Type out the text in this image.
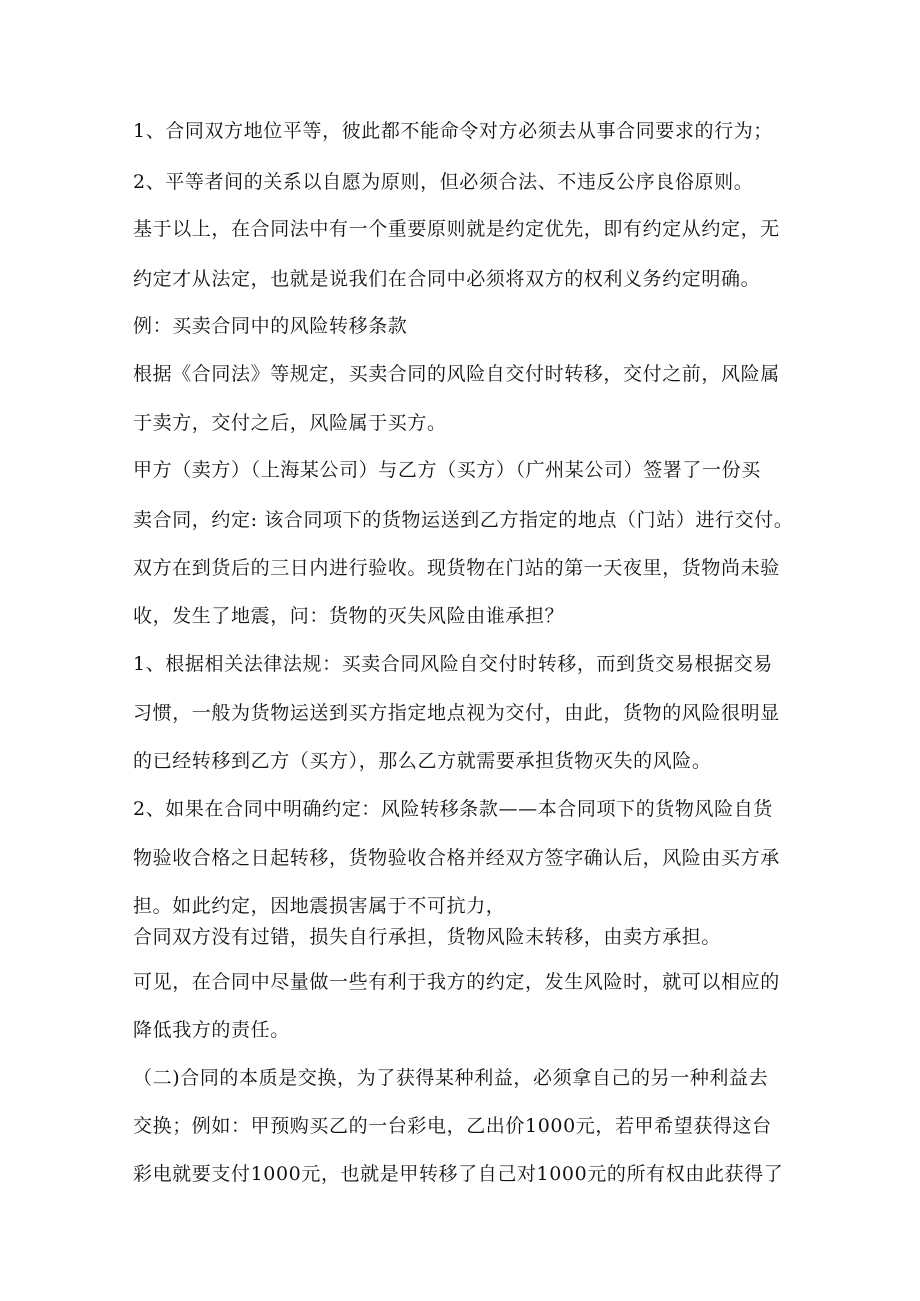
1、合同双方地位平等，彼此都不能命令对方必须去从事合同要求的行为；
2、平等者间的关系以自愿为原则，但必须合法、不违反公序良俗原则。
基于以上，在合同法中有一个重要原则就是约定优先，即有约定从约定，无
约定才从法定，也就是说我们在合同中必须将双方的权利义务约定明确。
例：买卖合同中的风险转移条款
根据《合同法》等规定，买卖合同的风险自交付时转移，交付之前，风险属
于卖方，交付之后，风险属于买方。
甲方（卖方）（上海某公司）与乙方（买方）（广州某公司）签署了一份买
卖合同，约定: 该合同项下的货物运送到乙方指定的地点（门站）进行交付。
双方在到货后的三日内进行验收。现货物在门站的第一天夜里，货物尚未验
收，发生了地震，问：货物的灭失风险由谁承担？
1、根据相关法律法规：买卖合同风险自交付时转移，而到货交易根据交易
习惯，一般为货物运送到买方指定地点视为交付，由此，货物的风险很明显
的已经转移到乙方（买方），那么乙方就需要承担货物灭失的风险。
2、如果在合同中明确约定：风险转移条款——本合同项下的货物风险自货
物验收合格之日起转移，货物验收合格并经双方签字确认后，风险由买方承
担。如此约定，因地震损害属于不可抗力，
合同双方没有过错，损失自行承担，货物风险未转移，由卖方承担。
可见，在合同中尽量做一些有利于我方的约定，发生风险时，就可以相应的
降低我方的责任。
（二)合同的本质是交换，为了获得某种利益，必须拿自己的另一种利益去
交换；例如：甲预购买乙的一台彩电，乙出价1000元，若甲希望获得这台
彩电就要支付1000元，也就是甲转移了自己对1000元的所有权由此获得了
